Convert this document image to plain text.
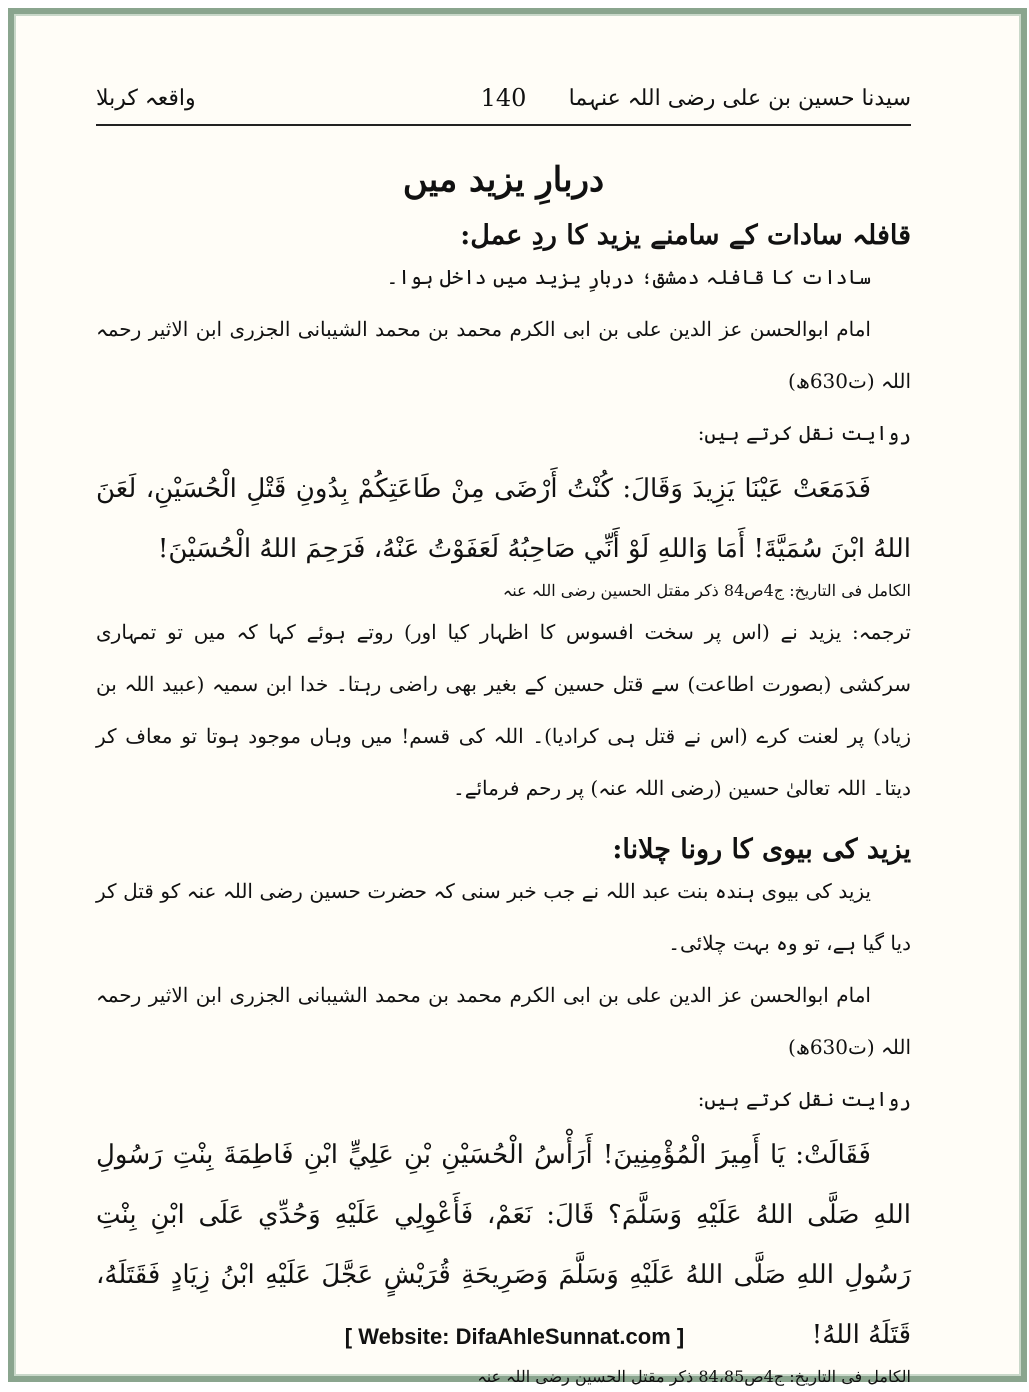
سیدنا حسین بن علی رضی اللہ عنہما
140
واقعہ کربلا
دربارِ یزید میں
قافلہ سادات کے سامنے یزید کا ردِ عمل:
سادات کا قافلہ دمشق؛ دربارِ یزید میں داخل ہوا۔
امام ابوالحسن عز الدین علی بن ابی الکرم محمد بن محمد الشیبانی الجزری ابن الاثیر رحمہ اللہ (ت630ھ)
روایت نقل کرتے ہیں:
فَدَمَعَتْ عَيْنَا يَزِيدَ وَقَالَ: كُنْتُ أَرْضَى مِنْ طَاعَتِكُمْ بِدُونِ قَتْلِ الْحُسَيْنِ، لَعَنَ اللهُ ابْنَ سُمَيَّةَ! أَمَا وَاللهِ لَوْ أَنِّي صَاحِبُهُ لَعَفَوْتُ عَنْهُ، فَرَحِمَ اللهُ الْحُسَيْنَ!
الکامل فی التاریخ: ج4ص84 ذکر مقتل الحسین رضی اللہ عنہ
ترجمہ: یزید نے (اس پر سخت افسوس کا اظہار کیا اور) روتے ہوئے کہا کہ میں تو تمہاری سرکشی (بصورت اطاعت) سے قتل حسین کے بغیر بھی راضی رہتا۔ خدا ابن سمیہ (عبید اللہ بن زیاد) پر لعنت کرے (اس نے قتل ہی کرادیا)۔ اللہ کی قسم! میں وہاں موجود ہوتا تو معاف کر دیتا۔ اللہ تعالیٰ حسین (رضی اللہ عنہ) پر رحم فرمائے۔
یزید کی بیوی کا رونا چلانا:
یزید کی بیوی ہندہ بنت عبد اللہ نے جب خبر سنی کہ حضرت حسین رضی اللہ عنہ کو قتل کر دیا گیا ہے، تو وہ بہت چلائی۔
امام ابوالحسن عز الدین علی بن ابی الکرم محمد بن محمد الشیبانی الجزری ابن الاثیر رحمہ اللہ (ت630ھ)
روایت نقل کرتے ہیں:
فَقَالَتْ: يَا أَمِيرَ الْمُؤْمِنِينَ! أَرَأْسُ الْحُسَيْنِ بْنِ عَلِيٍّ ابْنِ فَاطِمَةَ بِنْتِ رَسُولِ اللهِ صَلَّى اللهُ عَلَيْهِ وَسَلَّمَ؟ قَالَ: نَعَمْ، فَأَعْوِلِي عَلَيْهِ وَحُدِّي عَلَى ابْنِ بِنْتِ رَسُولِ اللهِ صَلَّى اللهُ عَلَيْهِ وَسَلَّمَ وَصَرِيحَةِ قُرَيْشٍ عَجَّلَ عَلَيْهِ ابْنُ زِيَادٍ فَقَتَلَهُ، قَتَلَهُ اللهُ!
الکامل فی التاریخ: ج4ص84،85 ذکر مقتل الحسین رضی اللہ عنہ
[ Website: DifaAhleSunnat.com ]
